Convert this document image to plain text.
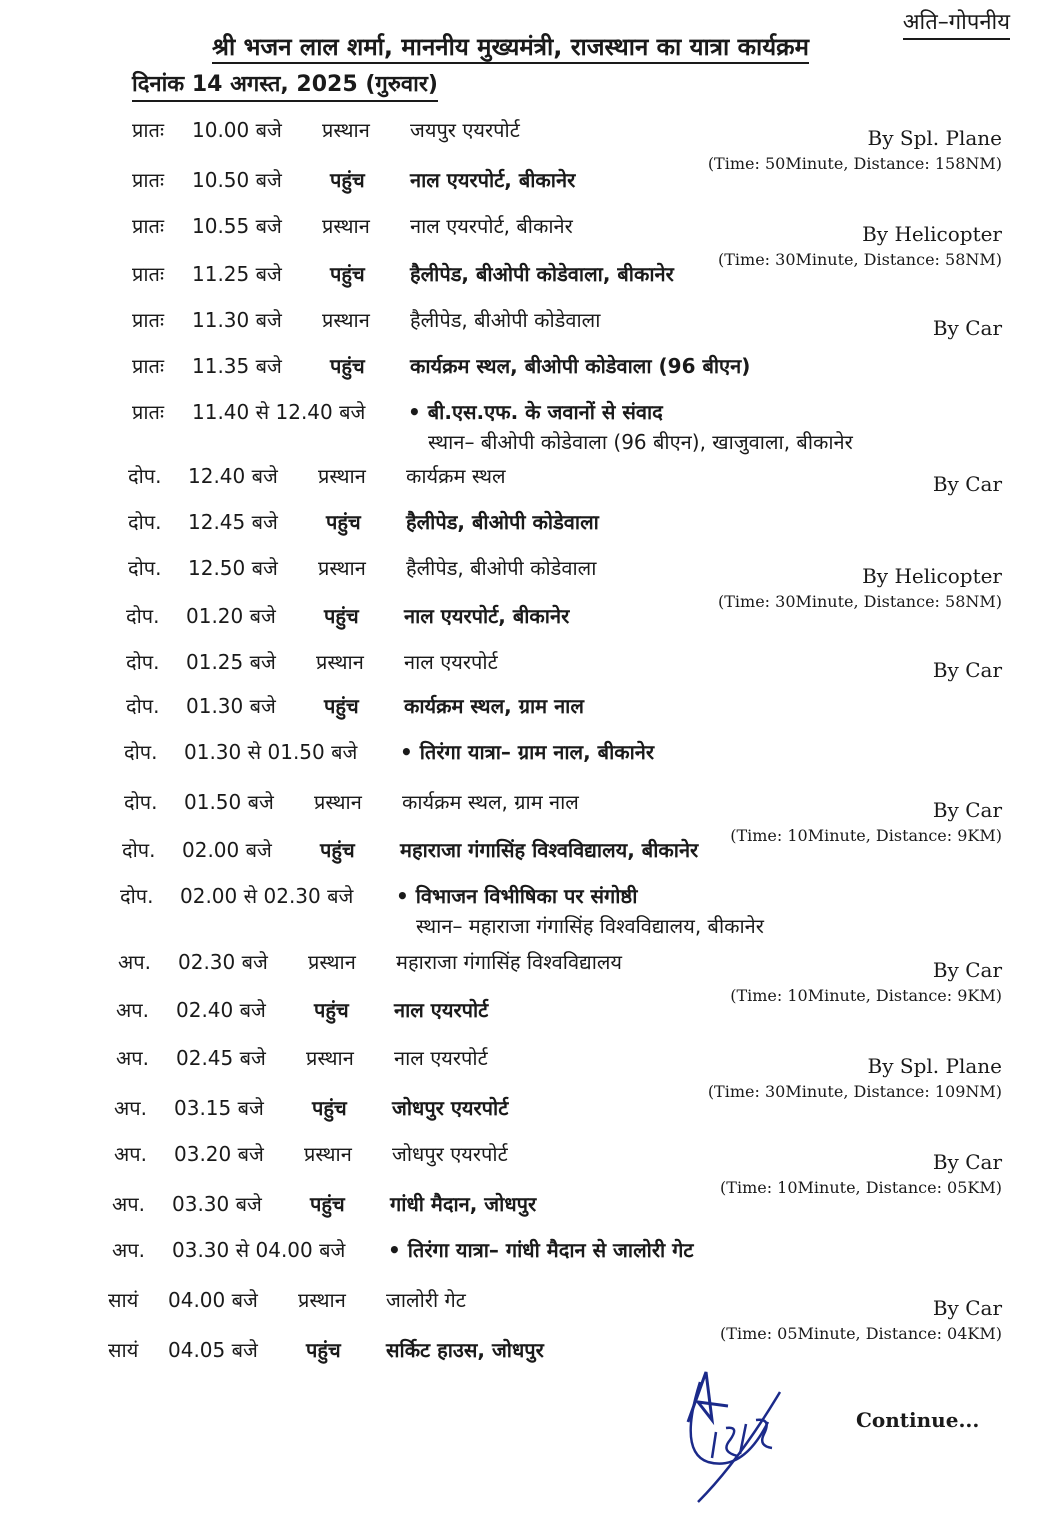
अति–गोपनीय
श्री भजन लाल शर्मा, माननीय मुख्यमंत्री, राजस्थान का यात्रा कार्यक्रम
दिनांक 14 अगस्त, 2025 (गुरुवार)
प्रातः 10.00 बजे प्रस्थान जयपुर एयरपोर्ट	By Spl. Plane
(Time: 50Minute, Distance: 158NM)
प्रातः 10.50 बजे पहुंच नाल एयरपोर्ट, बीकानेर
प्रातः 10.55 बजे प्रस्थान नाल एयरपोर्ट, बीकानेर	By Helicopter
(Time: 30Minute, Distance: 58NM)
प्रातः 11.25 बजे पहुंच हैलीपेड, बीओपी कोडेवाला, बीकानेर
प्रातः 11.30 बजे प्रस्थान हैलीपेड, बीओपी कोडेवाला	By Car
प्रातः 11.35 बजे पहुंच कार्यक्रम स्थल, बीओपी कोडेवाला (96 बीएन)
प्रातः 11.40 से 12.40 बजे • बी.एस.एफ. के जवानों से संवाद
स्थान– बीओपी कोडेवाला (96 बीएन), खाजुवाला, बीकानेर
दोप. 12.40 बजे प्रस्थान कार्यक्रम स्थल	By Car
दोप. 12.45 बजे पहुंच हैलीपेड, बीओपी कोडेवाला
दोप. 12.50 बजे प्रस्थान हैलीपेड, बीओपी कोडेवाला	By Helicopter
(Time: 30Minute, Distance: 58NM)
दोप. 01.20 बजे पहुंच नाल एयरपोर्ट, बीकानेर
दोप. 01.25 बजे प्रस्थान नाल एयरपोर्ट	By Car
दोप. 01.30 बजे पहुंच कार्यक्रम स्थल, ग्राम नाल
दोप. 01.30 से 01.50 बजे • तिरंगा यात्रा– ग्राम नाल, बीकानेर
दोप. 01.50 बजे प्रस्थान कार्यक्रम स्थल, ग्राम नाल	By Car
(Time: 10Minute, Distance: 9KM)
दोप. 02.00 बजे पहुंच महाराजा गंगासिंह विश्वविद्यालय, बीकानेर
दोप. 02.00 से 02.30 बजे • विभाजन विभीषिका पर संगोष्ठी
स्थान– महाराजा गंगासिंह विश्वविद्यालय, बीकानेर
अप. 02.30 बजे प्रस्थान महाराजा गंगासिंह विश्वविद्यालय	By Car
(Time: 10Minute, Distance: 9KM)
अप. 02.40 बजे पहुंच नाल एयरपोर्ट
अप. 02.45 बजे प्रस्थान नाल एयरपोर्ट	By Spl. Plane
(Time: 30Minute, Distance: 109NM)
अप. 03.15 बजे पहुंच जोधपुर एयरपोर्ट
अप. 03.20 बजे प्रस्थान जोधपुर एयरपोर्ट	By Car
(Time: 10Minute, Distance: 05KM)
अप. 03.30 बजे पहुंच गांधी मैदान, जोधपुर
अप. 03.30 से 04.00 बजे • तिरंगा यात्रा– गांधी मैदान से जालोरी गेट
सायं 04.00 बजे प्रस्थान जालोरी गेट	By Car
(Time: 05Minute, Distance: 04KM)
सायं 04.05 बजे पहुंच सर्किट हाउस, जोधपुर
Continue...
